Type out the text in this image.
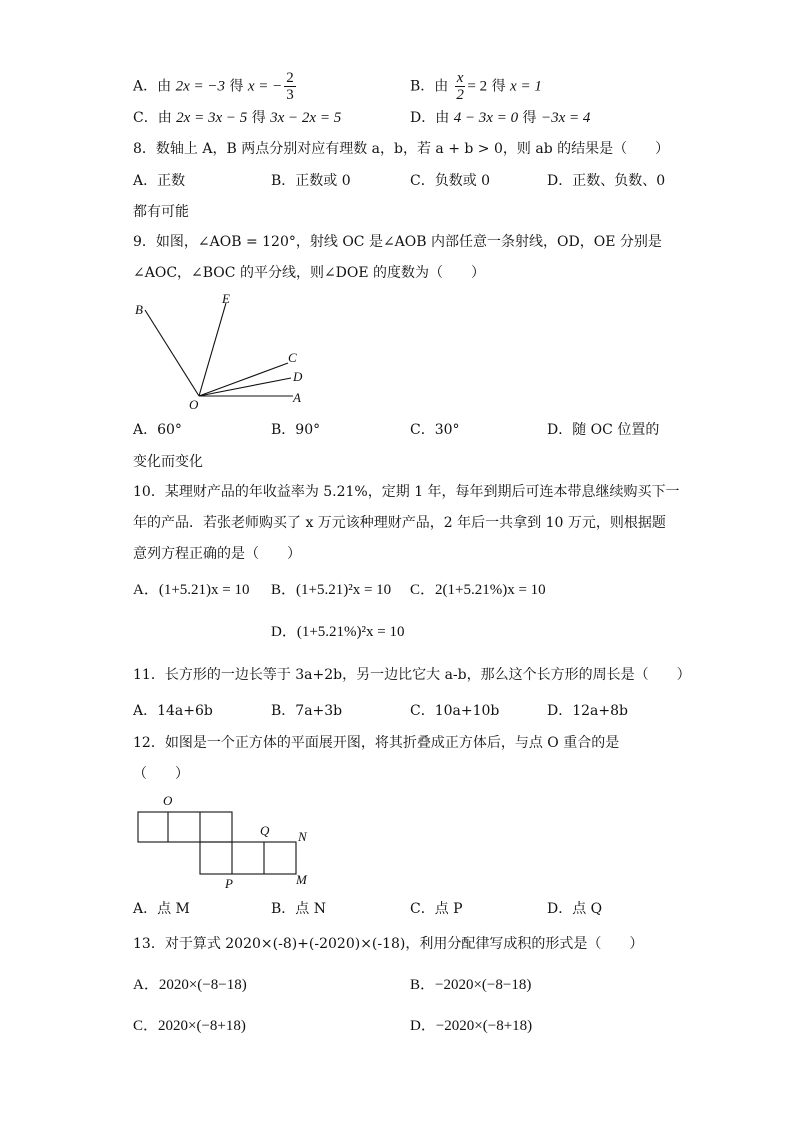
A．由 2x = −3 得 x = − $\frac{2}{3}$	B．由 $\frac{x}{2} = 2$ 得 x = 1
C．由 2x = 3x − 5 得 3x − 2x = 5	D．由 4 − 3x = 0 得 −3x = 4
8．数轴上 A，B 两点分别对应有理数 a，b，若 a + b > 0，则 ab 的结果是（　　）
A．正数	B．正数或 0	C．负数或 0	D．正数、负数、0
都有可能
9．如图，∠AOB = 120°，射线 OC 是∠AOB 内部任意一条射线，OD，OE 分别是
∠AOC，∠BOC 的平分线，则∠DOE 的度数为（　　）
B
E
C
D
O	A
A．60°	B．90°	C．30°	D．随 OC 位置的
变化而变化
10．某理财产品的年收益率为 5.21%，定期 1 年，每年到期后可连本带息继续购买下一
年的产品．若张老师购买了 x 万元该种理财产品，2 年后一共拿到 10 万元，则根据题
意列方程正确的是（　　）
A．(1+5.21)x = 10 B．(1+5.21)²x = 10 C．2(1+5.21%)x = 10
D．(1+5.21%)²x = 10
11．长方形的一边长等于 3a+2b，另一边比它大 a-b，那么这个长方形的周长是（　　）
A．14a+6b	B．7a+3b	C．10a+10b	D．12a+8b
12．如图是一个正方体的平面展开图，将其折叠成正方体后，与点 O 重合的是
（　　）
O
Q N
P	M
A．点 M	B．点 N	C．点 P	D．点 Q
13．对于算式 2020×(-8)+(-2020)×(-18)，利用分配律写成积的形式是（　　）
A．2020×(−8−18)	B．−2020×(−8−18)
C．2020×(−8+18)	D．−2020×(−8+18)
